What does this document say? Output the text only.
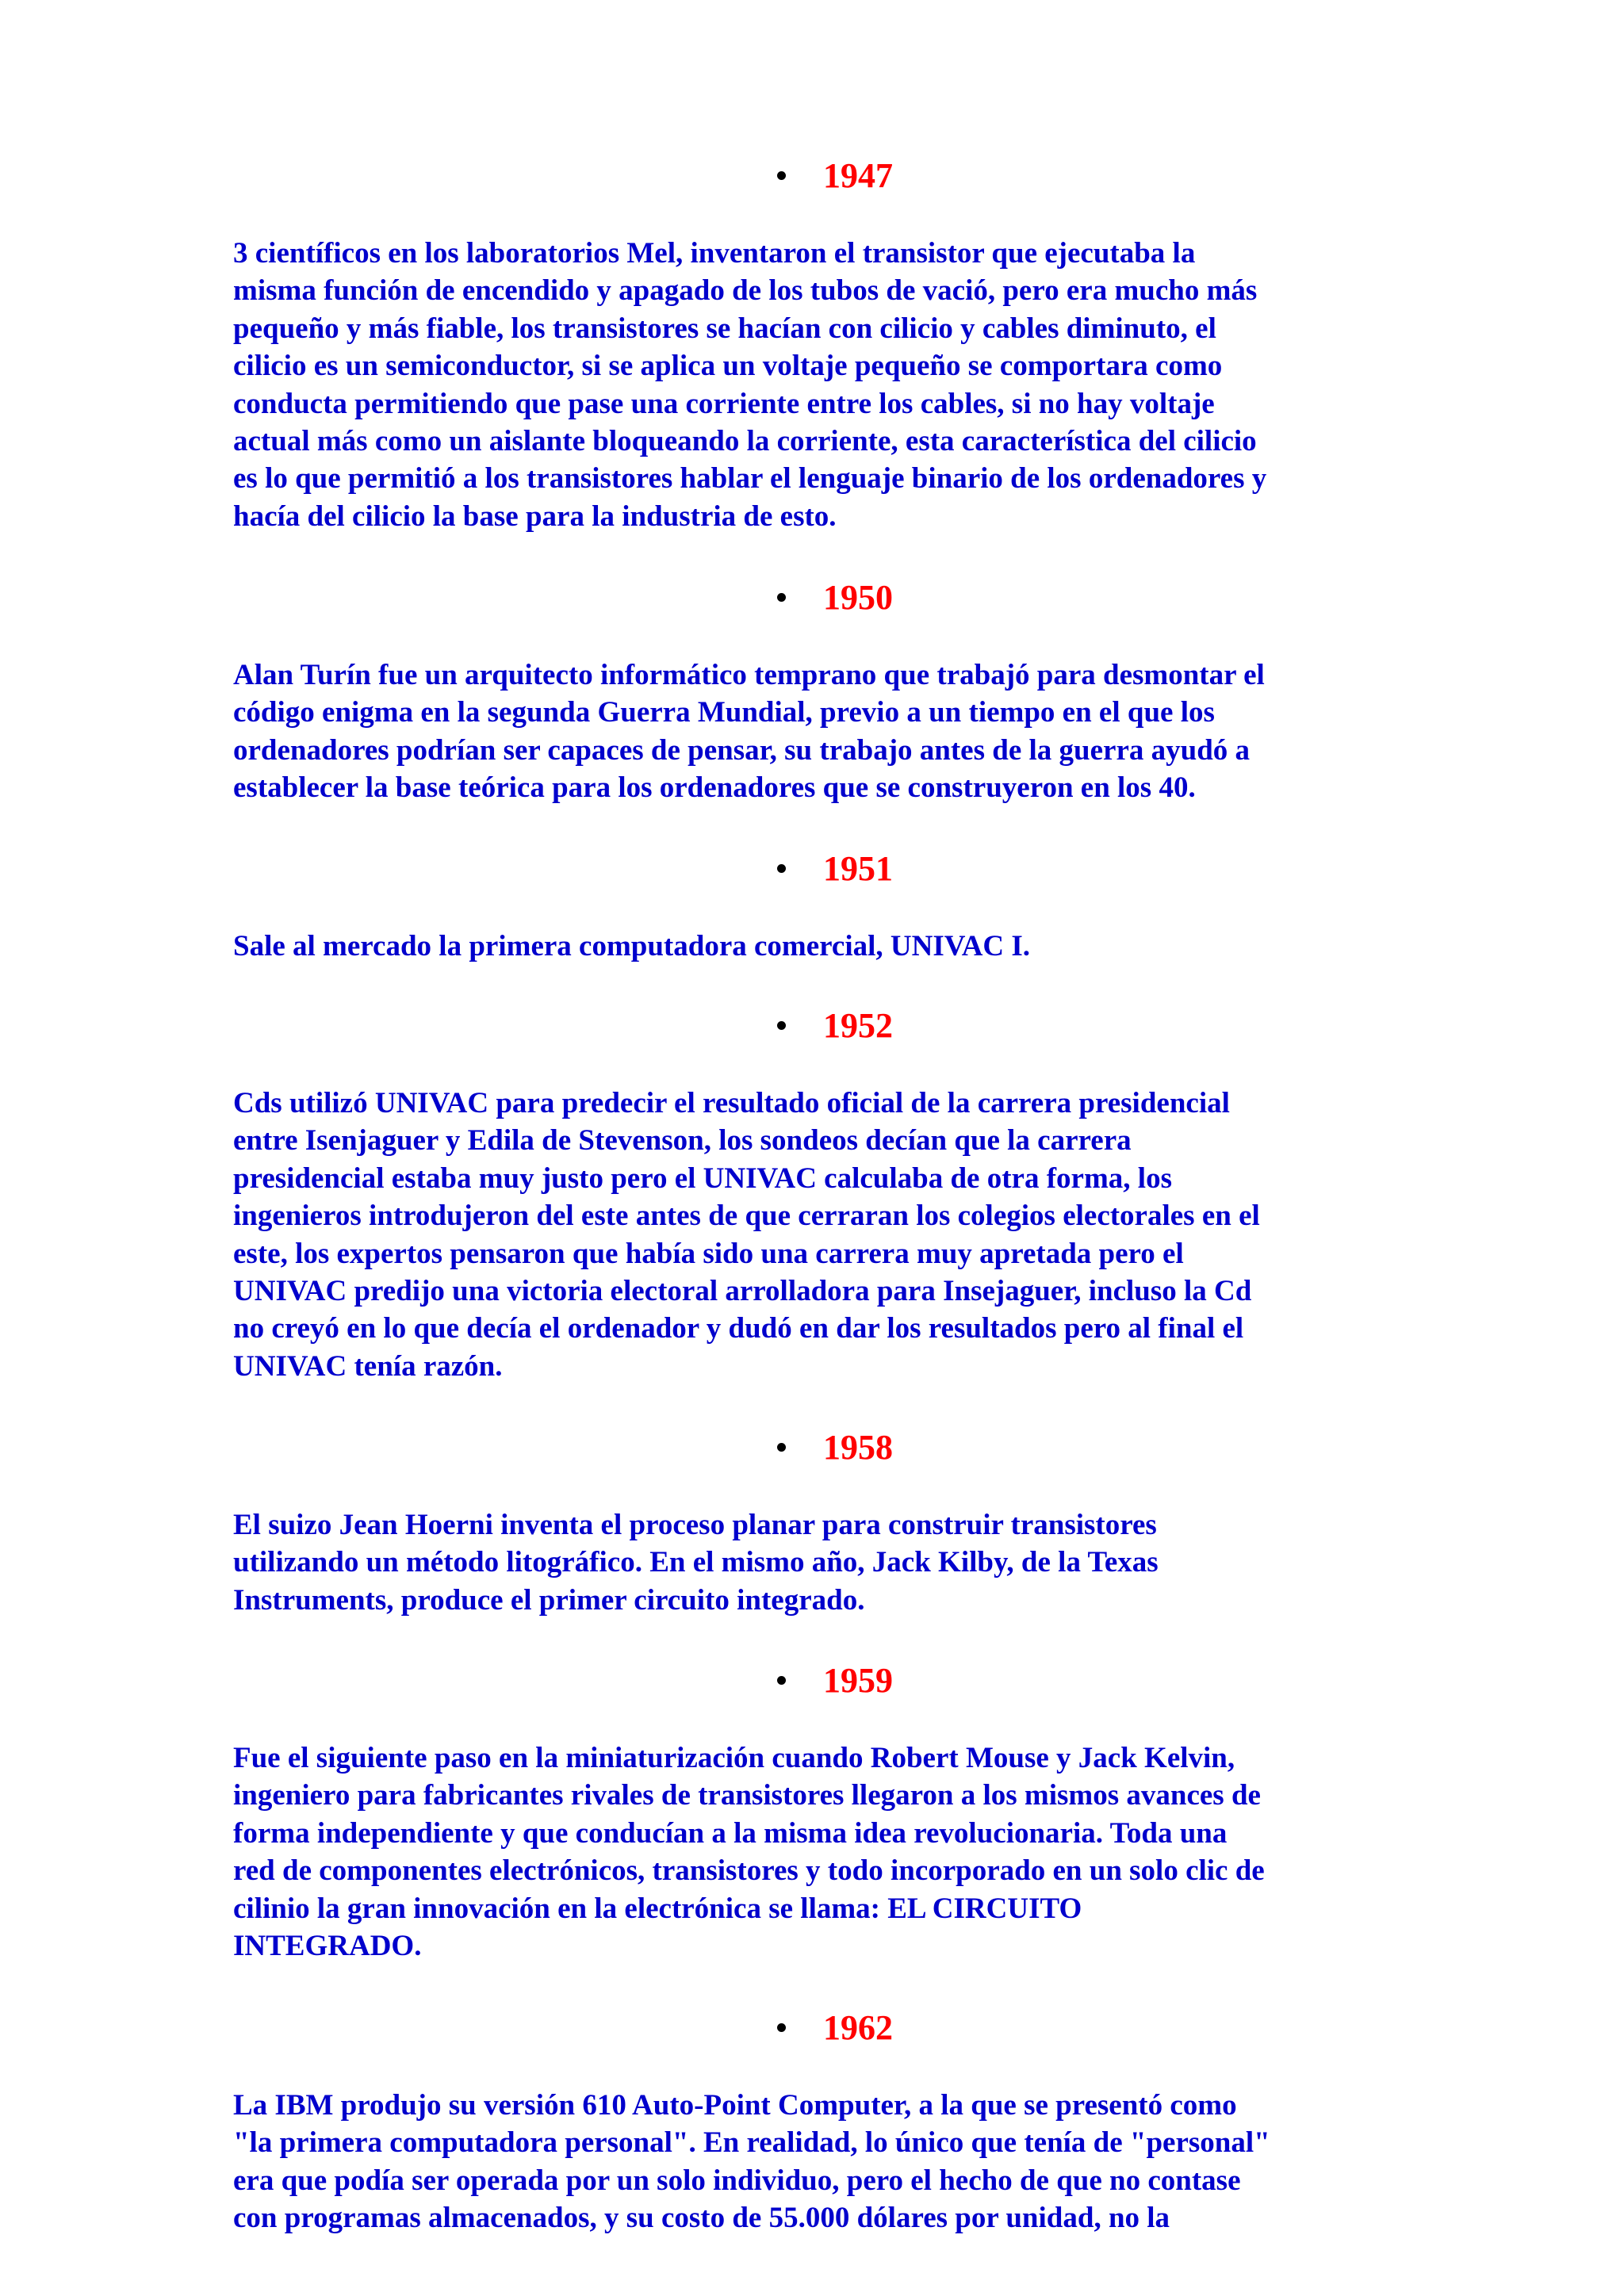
1947

3 científicos en los laboratorios Mel, inventaron el transistor que ejecutaba la
misma función de encendido y apagado de los tubos de vació, pero era mucho más
pequeño y más fiable, los transistores se hacían con cilicio y cables diminuto, el
cilicio es un semiconductor, si se aplica un voltaje pequeño se comportara como
conducta permitiendo que pase una corriente entre los cables, si no hay voltaje
actual más como un aislante bloqueando la corriente, esta característica del cilicio
es lo que permitió a los transistores hablar el lenguaje binario de los ordenadores y
hacía del cilicio la base para la industria de esto.

1950

Alan Turín fue un arquitecto informático temprano que trabajó para desmontar el
código enigma en la segunda Guerra Mundial, previo a un tiempo en el que los
ordenadores podrían ser capaces de pensar, su trabajo antes de la guerra ayudó a
establecer la base teórica para los ordenadores que se construyeron en los 40.

1951

Sale al mercado la primera computadora comercial, UNIVAC I.

1952

Cds utilizó UNIVAC para predecir el resultado oficial de la carrera presidencial
entre Isenjaguer y Edila de Stevenson, los sondeos decían que la carrera
presidencial estaba muy justo pero el UNIVAC calculaba de otra forma, los
ingenieros introdujeron del este antes de que cerraran los colegios electorales en el
este, los expertos pensaron que había sido una carrera muy apretada pero el
UNIVAC predijo una victoria electoral arrolladora para Insejaguer, incluso la Cd
no creyó en lo que decía el ordenador y dudó en dar los resultados pero al final el
UNIVAC tenía razón.

1958

El suizo Jean Hoerni inventa el proceso planar para construir transistores
utilizando un método litográfico. En el mismo año, Jack Kilby, de la Texas
Instruments, produce el primer circuito integrado.

1959

Fue el siguiente paso en la miniaturización cuando Robert Mouse y Jack Kelvin,
ingeniero para fabricantes rivales de transistores llegaron a los mismos avances de
forma independiente y que conducían a la misma idea revolucionaria. Toda una
red de componentes electrónicos, transistores y todo incorporado en un solo clic de
cilinio la gran innovación en la electrónica se llama: EL CIRCUITO
INTEGRADO.

1962

La IBM produjo su versión 610 Auto-Point Computer, a la que se presentó como
"la primera computadora personal". En realidad, lo único que tenía de "personal"
era que podía ser operada por un solo individuo, pero el hecho de que no contase
con programas almacenados, y su costo de 55.000 dólares por unidad, no la
